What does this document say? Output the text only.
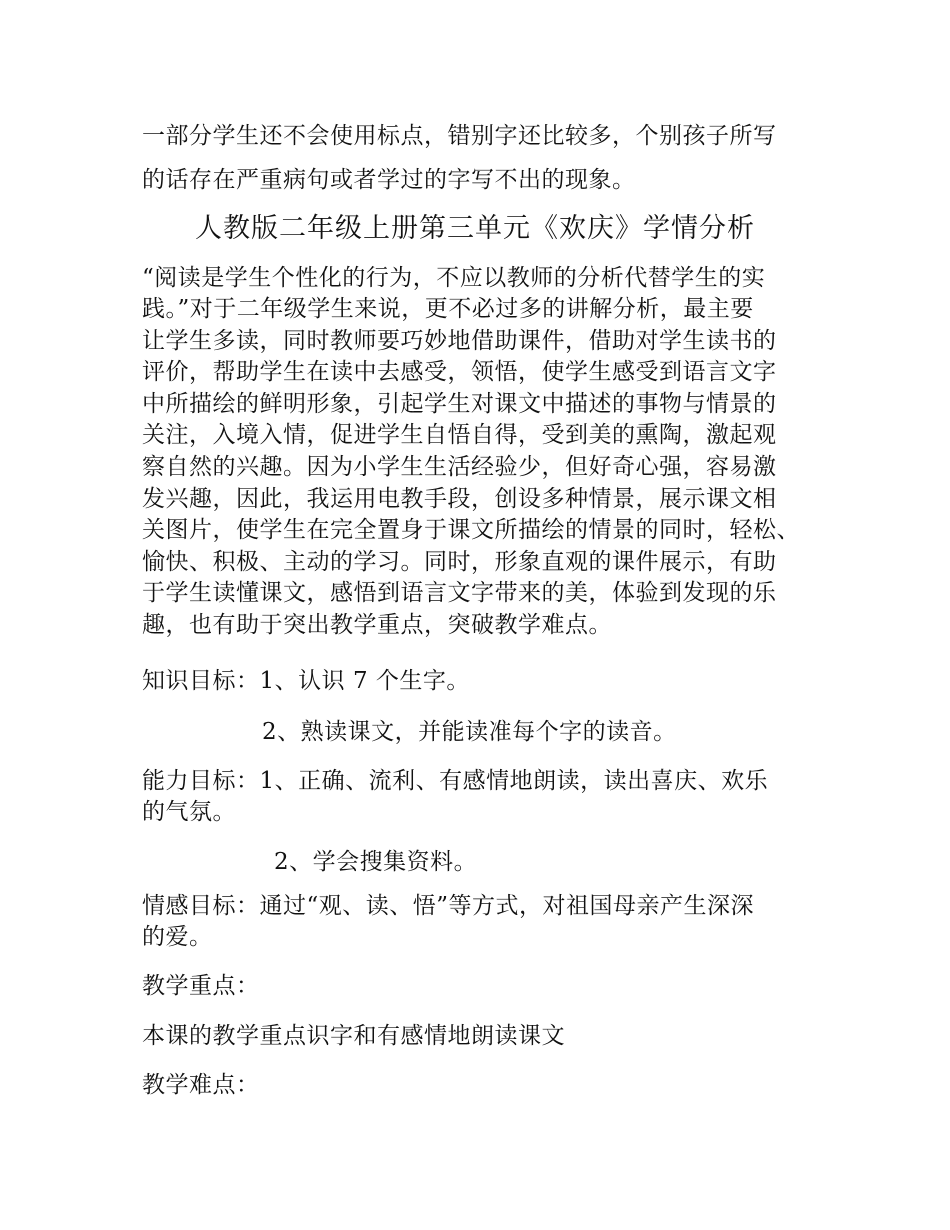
一部分学生还不会使用标点，错别字还比较多，个别孩子所写
的话存在严重病句或者学过的字写不出的现象。
人教版二年级上册第三单元《欢庆》学情分析
“阅读是学生个性化的行为，不应以教师的分析代替学生的实
践。”对于二年级学生来说，更不必过多的讲解分析，最主要
让学生多读，同时教师要巧妙地借助课件，借助对学生读书的
评价，帮助学生在读中去感受，领悟，使学生感受到语言文字
中所描绘的鲜明形象，引起学生对课文中描述的事物与情景的
关注，入境入情，促进学生自悟自得，受到美的熏陶，激起观
察自然的兴趣。因为小学生生活经验少，但好奇心强，容易激
发兴趣，因此，我运用电教手段，创设多种情景，展示课文相
关图片，使学生在完全置身于课文所描绘的情景的同时，轻松、
愉快、积极、主动的学习。同时，形象直观的课件展示，有助
于学生读懂课文，感悟到语言文字带来的美，体验到发现的乐
趣，也有助于突出教学重点，突破教学难点。
知识目标：1、认识 7 个生字。
2、熟读课文，并能读准每个字的读音。
能力目标：1、正确、流利、有感情地朗读，读出喜庆、欢乐
的气氛。
2、学会搜集资料。
情感目标：通过“观、读、悟”等方式，对祖国母亲产生深深
的爱。
教学重点：
本课的教学重点识字和有感情地朗读课文
教学难点：
